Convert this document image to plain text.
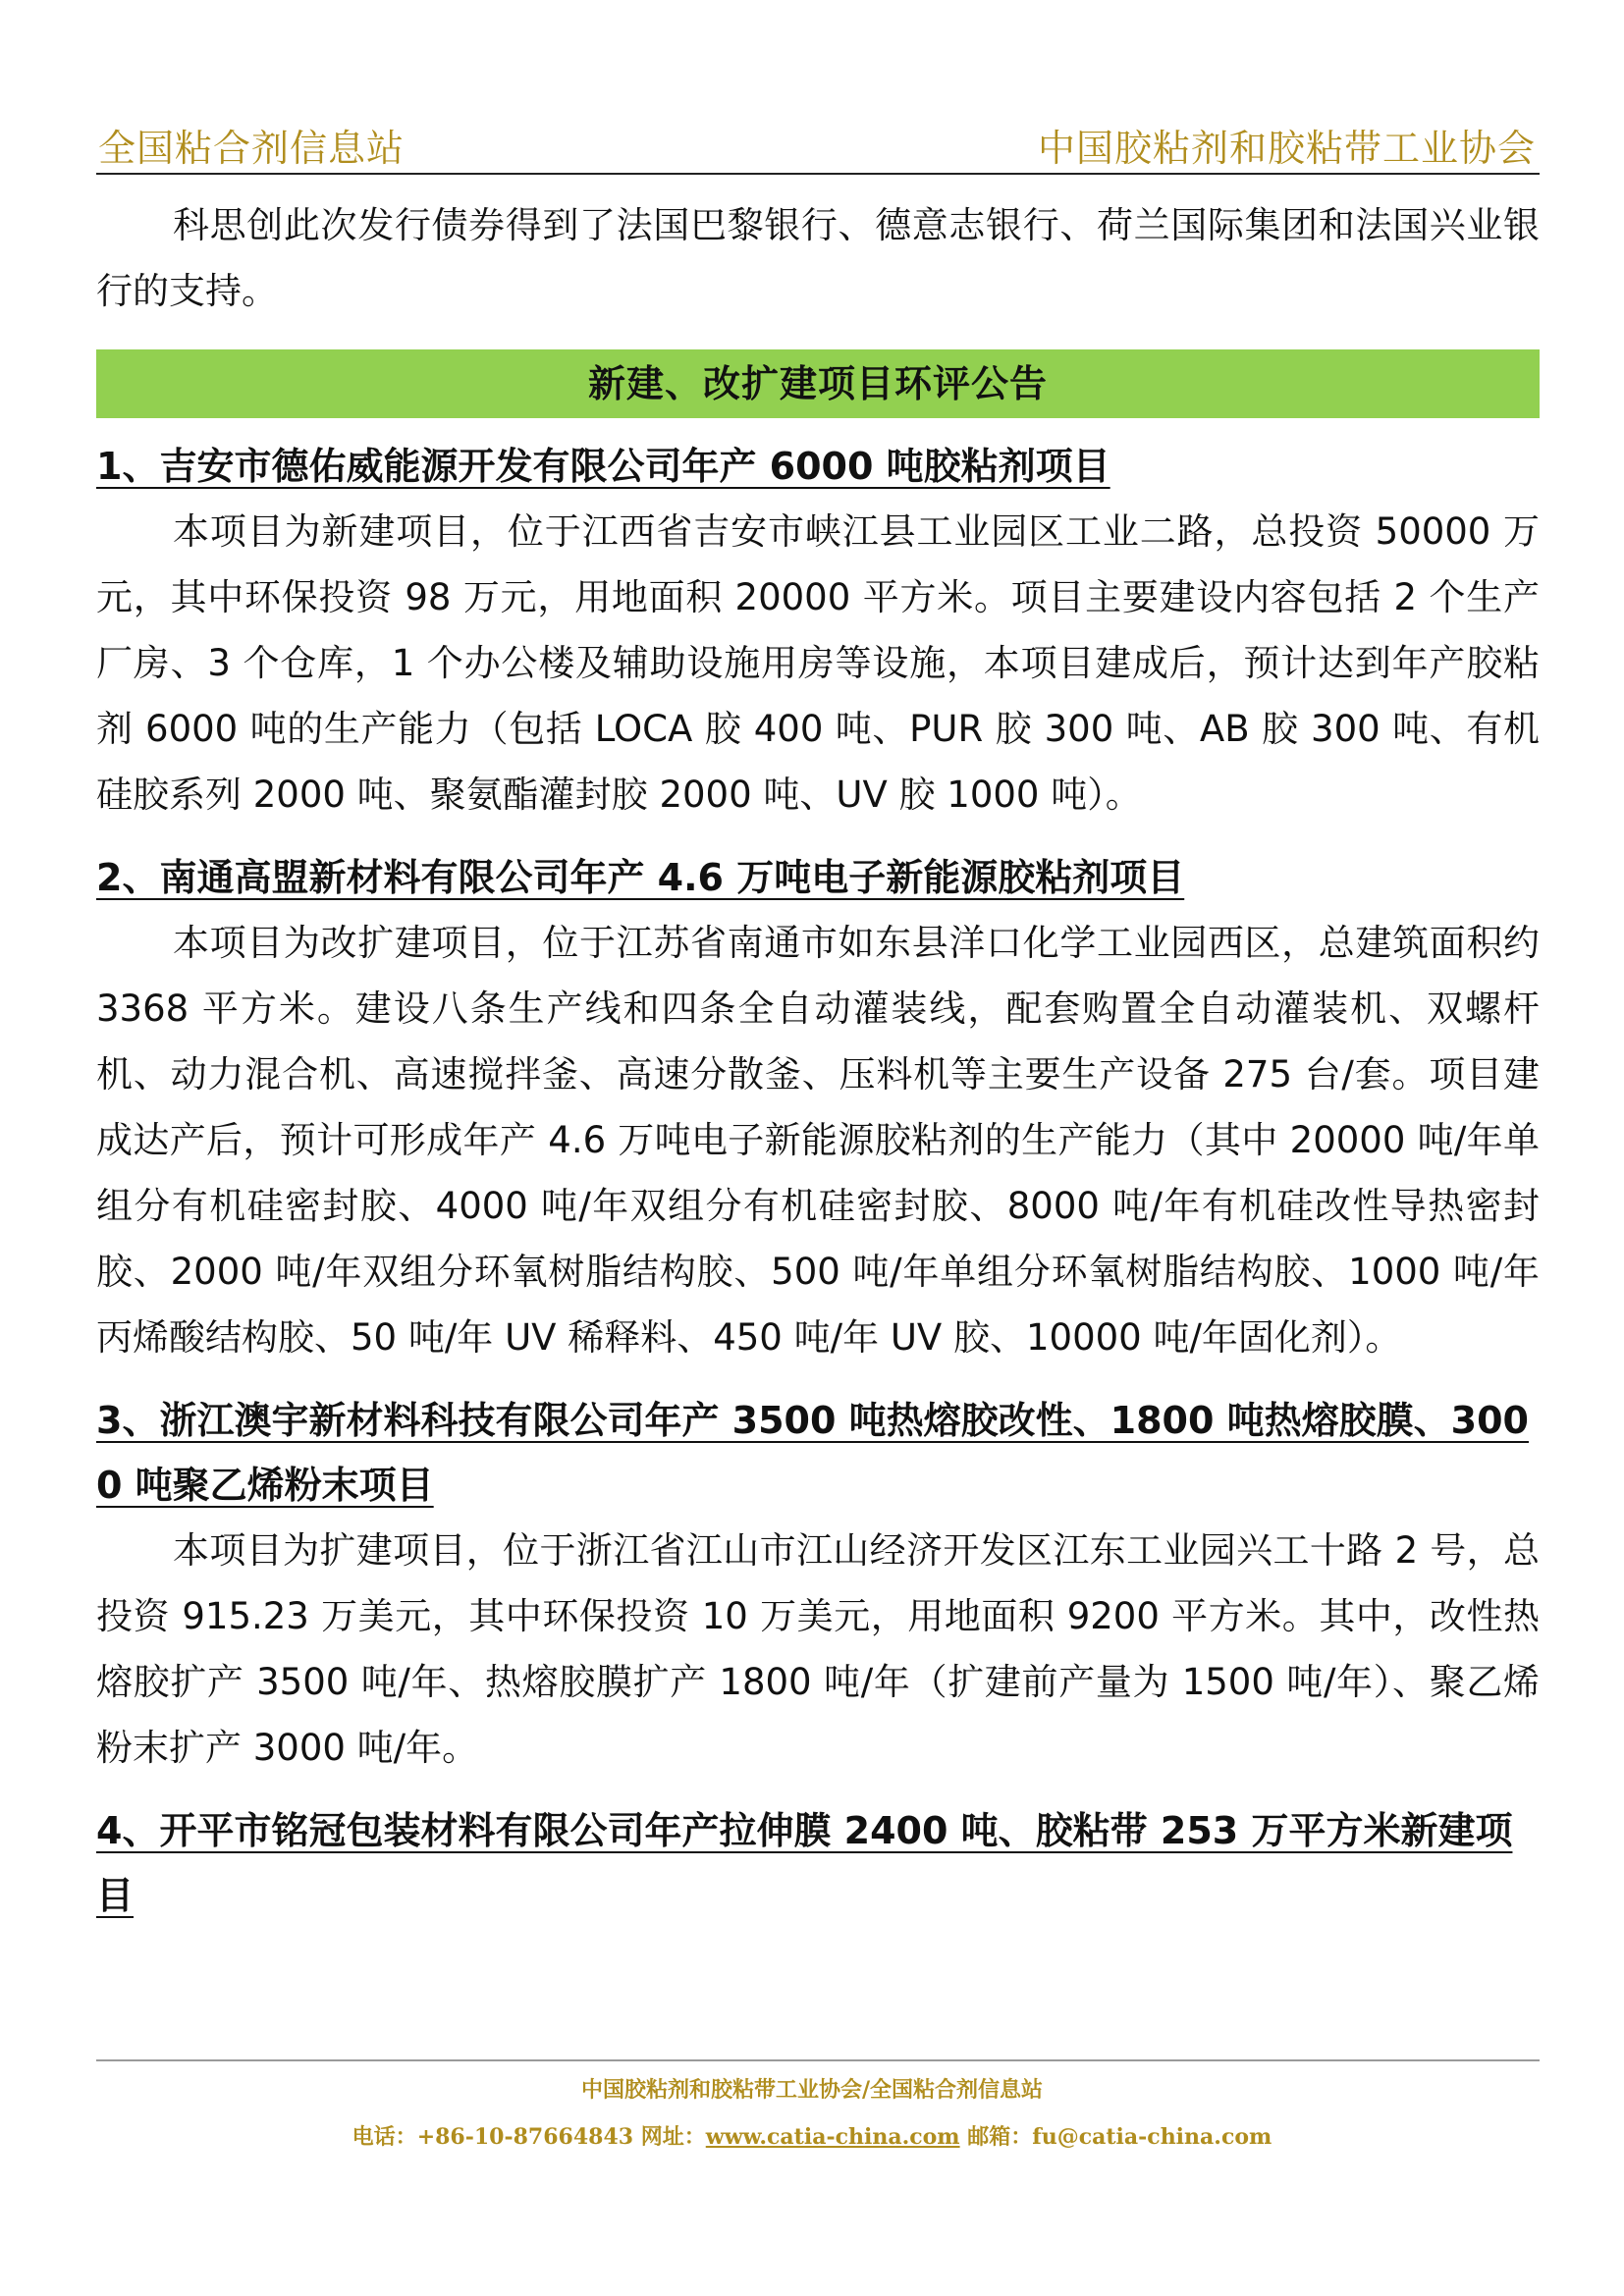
全国粘合剂信息站	中国胶粘剂和胶粘带工业协会

科思创此次发行债券得到了法国巴黎银行、德意志银行、荷兰国际集团和法国兴业银行的支持。

新建、改扩建项目环评公告

1、吉安市德佑威能源开发有限公司年产 6000 吨胶粘剂项目

本项目为新建项目，位于江西省吉安市峡江县工业园区工业二路，总投资 50000 万元，其中环保投资 98 万元，用地面积 20000 平方米。项目主要建设内容包括 2 个生产厂房、3 个仓库，1 个办公楼及辅助设施用房等设施，本项目建成后，预计达到年产胶粘剂 6000 吨的生产能力（包括 LOCA 胶 400 吨、PUR 胶 300 吨、AB 胶 300 吨、有机硅胶系列 2000 吨、聚氨酯灌封胶 2000 吨、UV 胶 1000 吨）。

2、南通高盟新材料有限公司年产 4.6 万吨电子新能源胶粘剂项目

本项目为改扩建项目，位于江苏省南通市如东县洋口化学工业园西区，总建筑面积约 3368 平方米。建设八条生产线和四条全自动灌装线，配套购置全自动灌装机、双螺杆机、动力混合机、高速搅拌釜、高速分散釜、压料机等主要生产设备 275 台/套。项目建成达产后，预计可形成年产 4.6 万吨电子新能源胶粘剂的生产能力（其中 20000 吨/年单组分有机硅密封胶、4000 吨/年双组分有机硅密封胶、8000 吨/年有机硅改性导热密封胶、2000 吨/年双组分环氧树脂结构胶、500 吨/年单组分环氧树脂结构胶、1000 吨/年丙烯酸结构胶、50 吨/年 UV 稀释料、450 吨/年 UV 胶、10000 吨/年固化剂）。

3、浙江澳宇新材料科技有限公司年产 3500 吨热熔胶改性、1800 吨热熔胶膜、3000 吨聚乙烯粉末项目

本项目为扩建项目，位于浙江省江山市江山经济开发区江东工业园兴工十路 2 号，总投资 915.23 万美元，其中环保投资 10 万美元，用地面积 9200 平方米。其中，改性热熔胶扩产 3500 吨/年、热熔胶膜扩产 1800 吨/年（扩建前产量为 1500 吨/年）、聚乙烯粉末扩产 3000 吨/年。

4、开平市铭冠包装材料有限公司年产拉伸膜 2400 吨、胶粘带 253 万平方米新建项目

中国胶粘剂和胶粘带工业协会/全国粘合剂信息站
电话：+86-10-87664843 网址：www.catia-china.com 邮箱：fu@catia-china.com
